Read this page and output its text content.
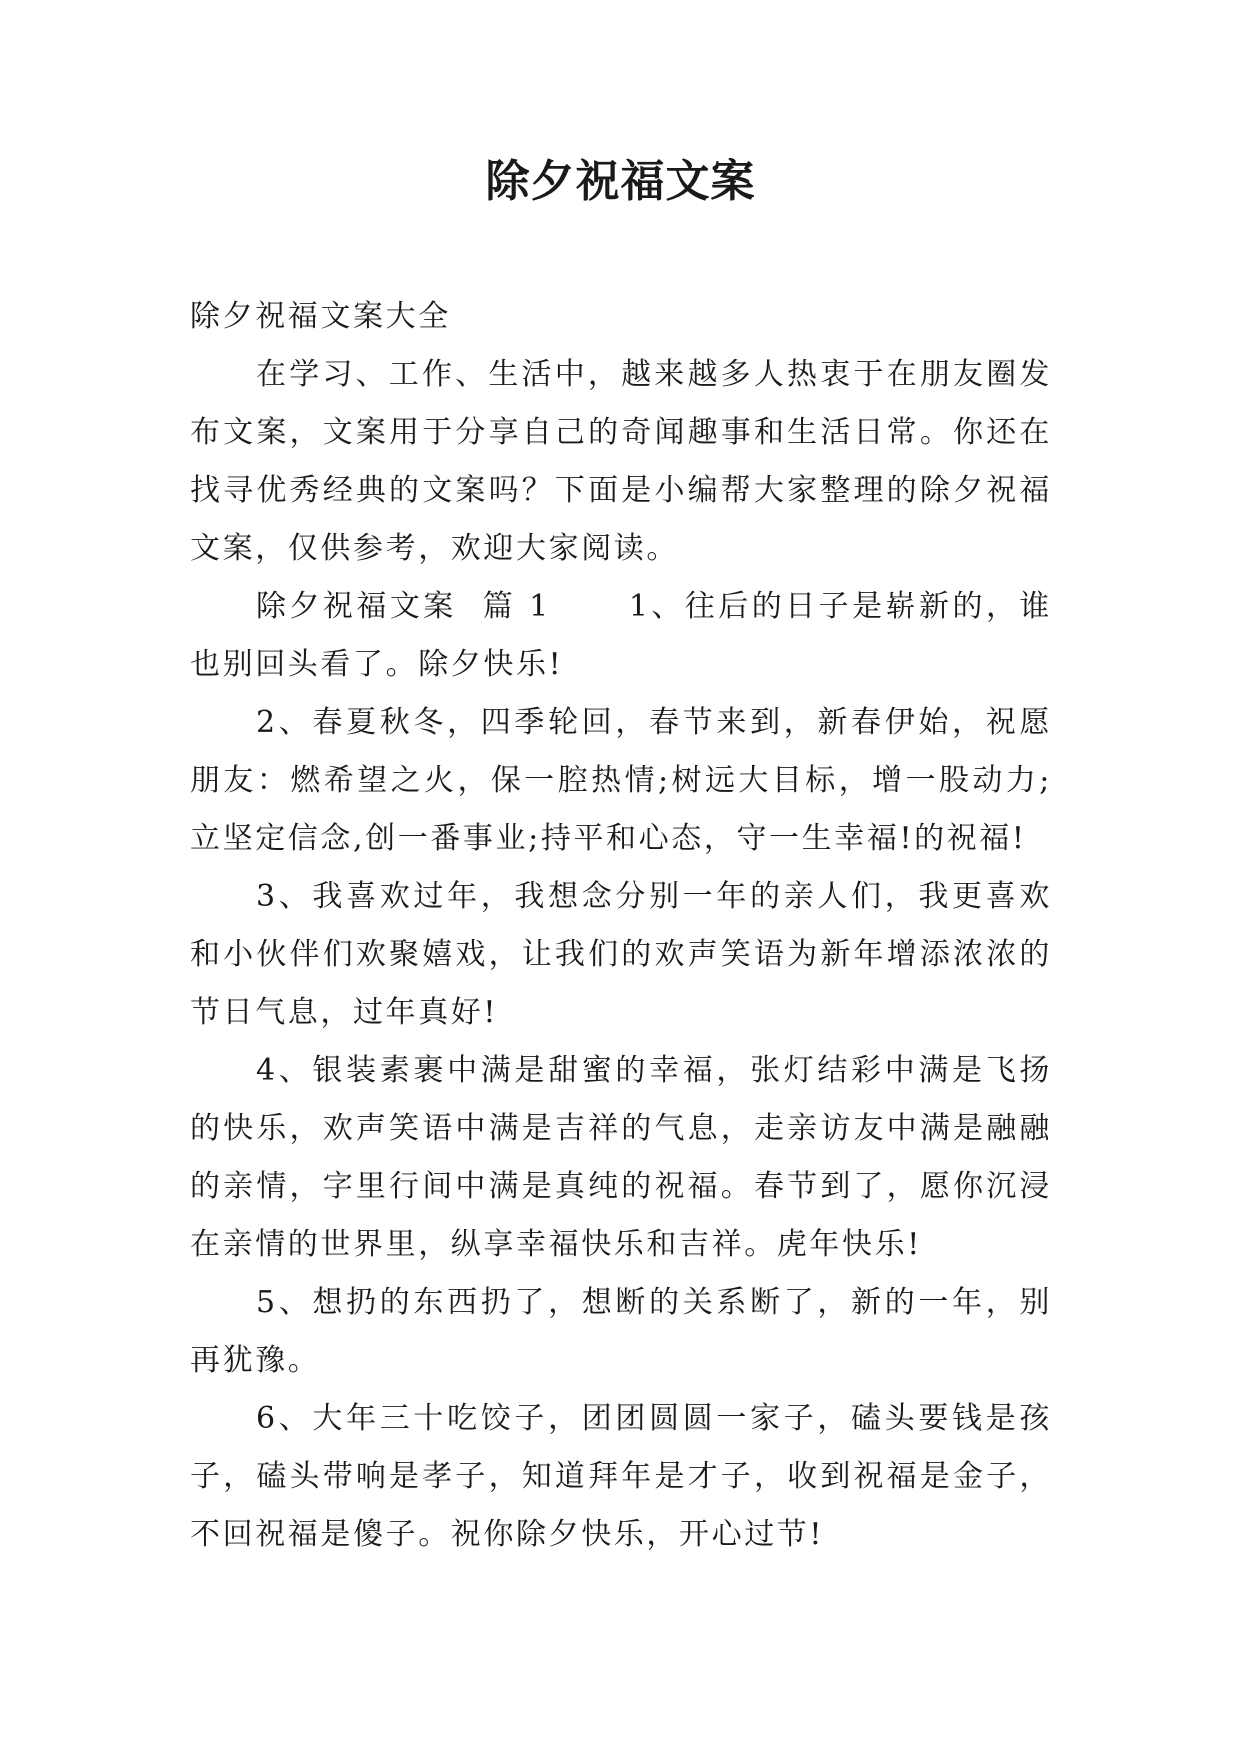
除夕祝福文案

除夕祝福文案大全

在学习、工作、生活中，越来越多人热衷于在朋友圈发布文案，文案用于分享自己的奇闻趣事和生活日常。你还在找寻优秀经典的文案吗？下面是小编帮大家整理的除夕祝福文案，仅供参考，欢迎大家阅读。

除夕祝福文案  篇 1      1、往后的日子是崭新的，谁也别回头看了。除夕快乐!

2、春夏秋冬，四季轮回，春节来到，新春伊始，祝愿朋友：燃希望之火，保一腔热情;树远大目标，增一股动力;立坚定信念,创一番事业;持平和心态，守一生幸福!的祝福!

3、我喜欢过年，我想念分别一年的亲人们，我更喜欢和小伙伴们欢聚嬉戏，让我们的欢声笑语为新年增添浓浓的节日气息，过年真好!

4、银装素裹中满是甜蜜的幸福，张灯结彩中满是飞扬的快乐，欢声笑语中满是吉祥的气息，走亲访友中满是融融的亲情，字里行间中满是真纯的祝福。春节到了，愿你沉浸在亲情的世界里，纵享幸福快乐和吉祥。虎年快乐!

5、想扔的东西扔了，想断的关系断了，新的一年，别再犹豫。

6、大年三十吃饺子，团团圆圆一家子，磕头要钱是孩子，磕头带响是孝子，知道拜年是才子，收到祝福是金子，不回祝福是傻子。祝你除夕快乐，开心过节!
